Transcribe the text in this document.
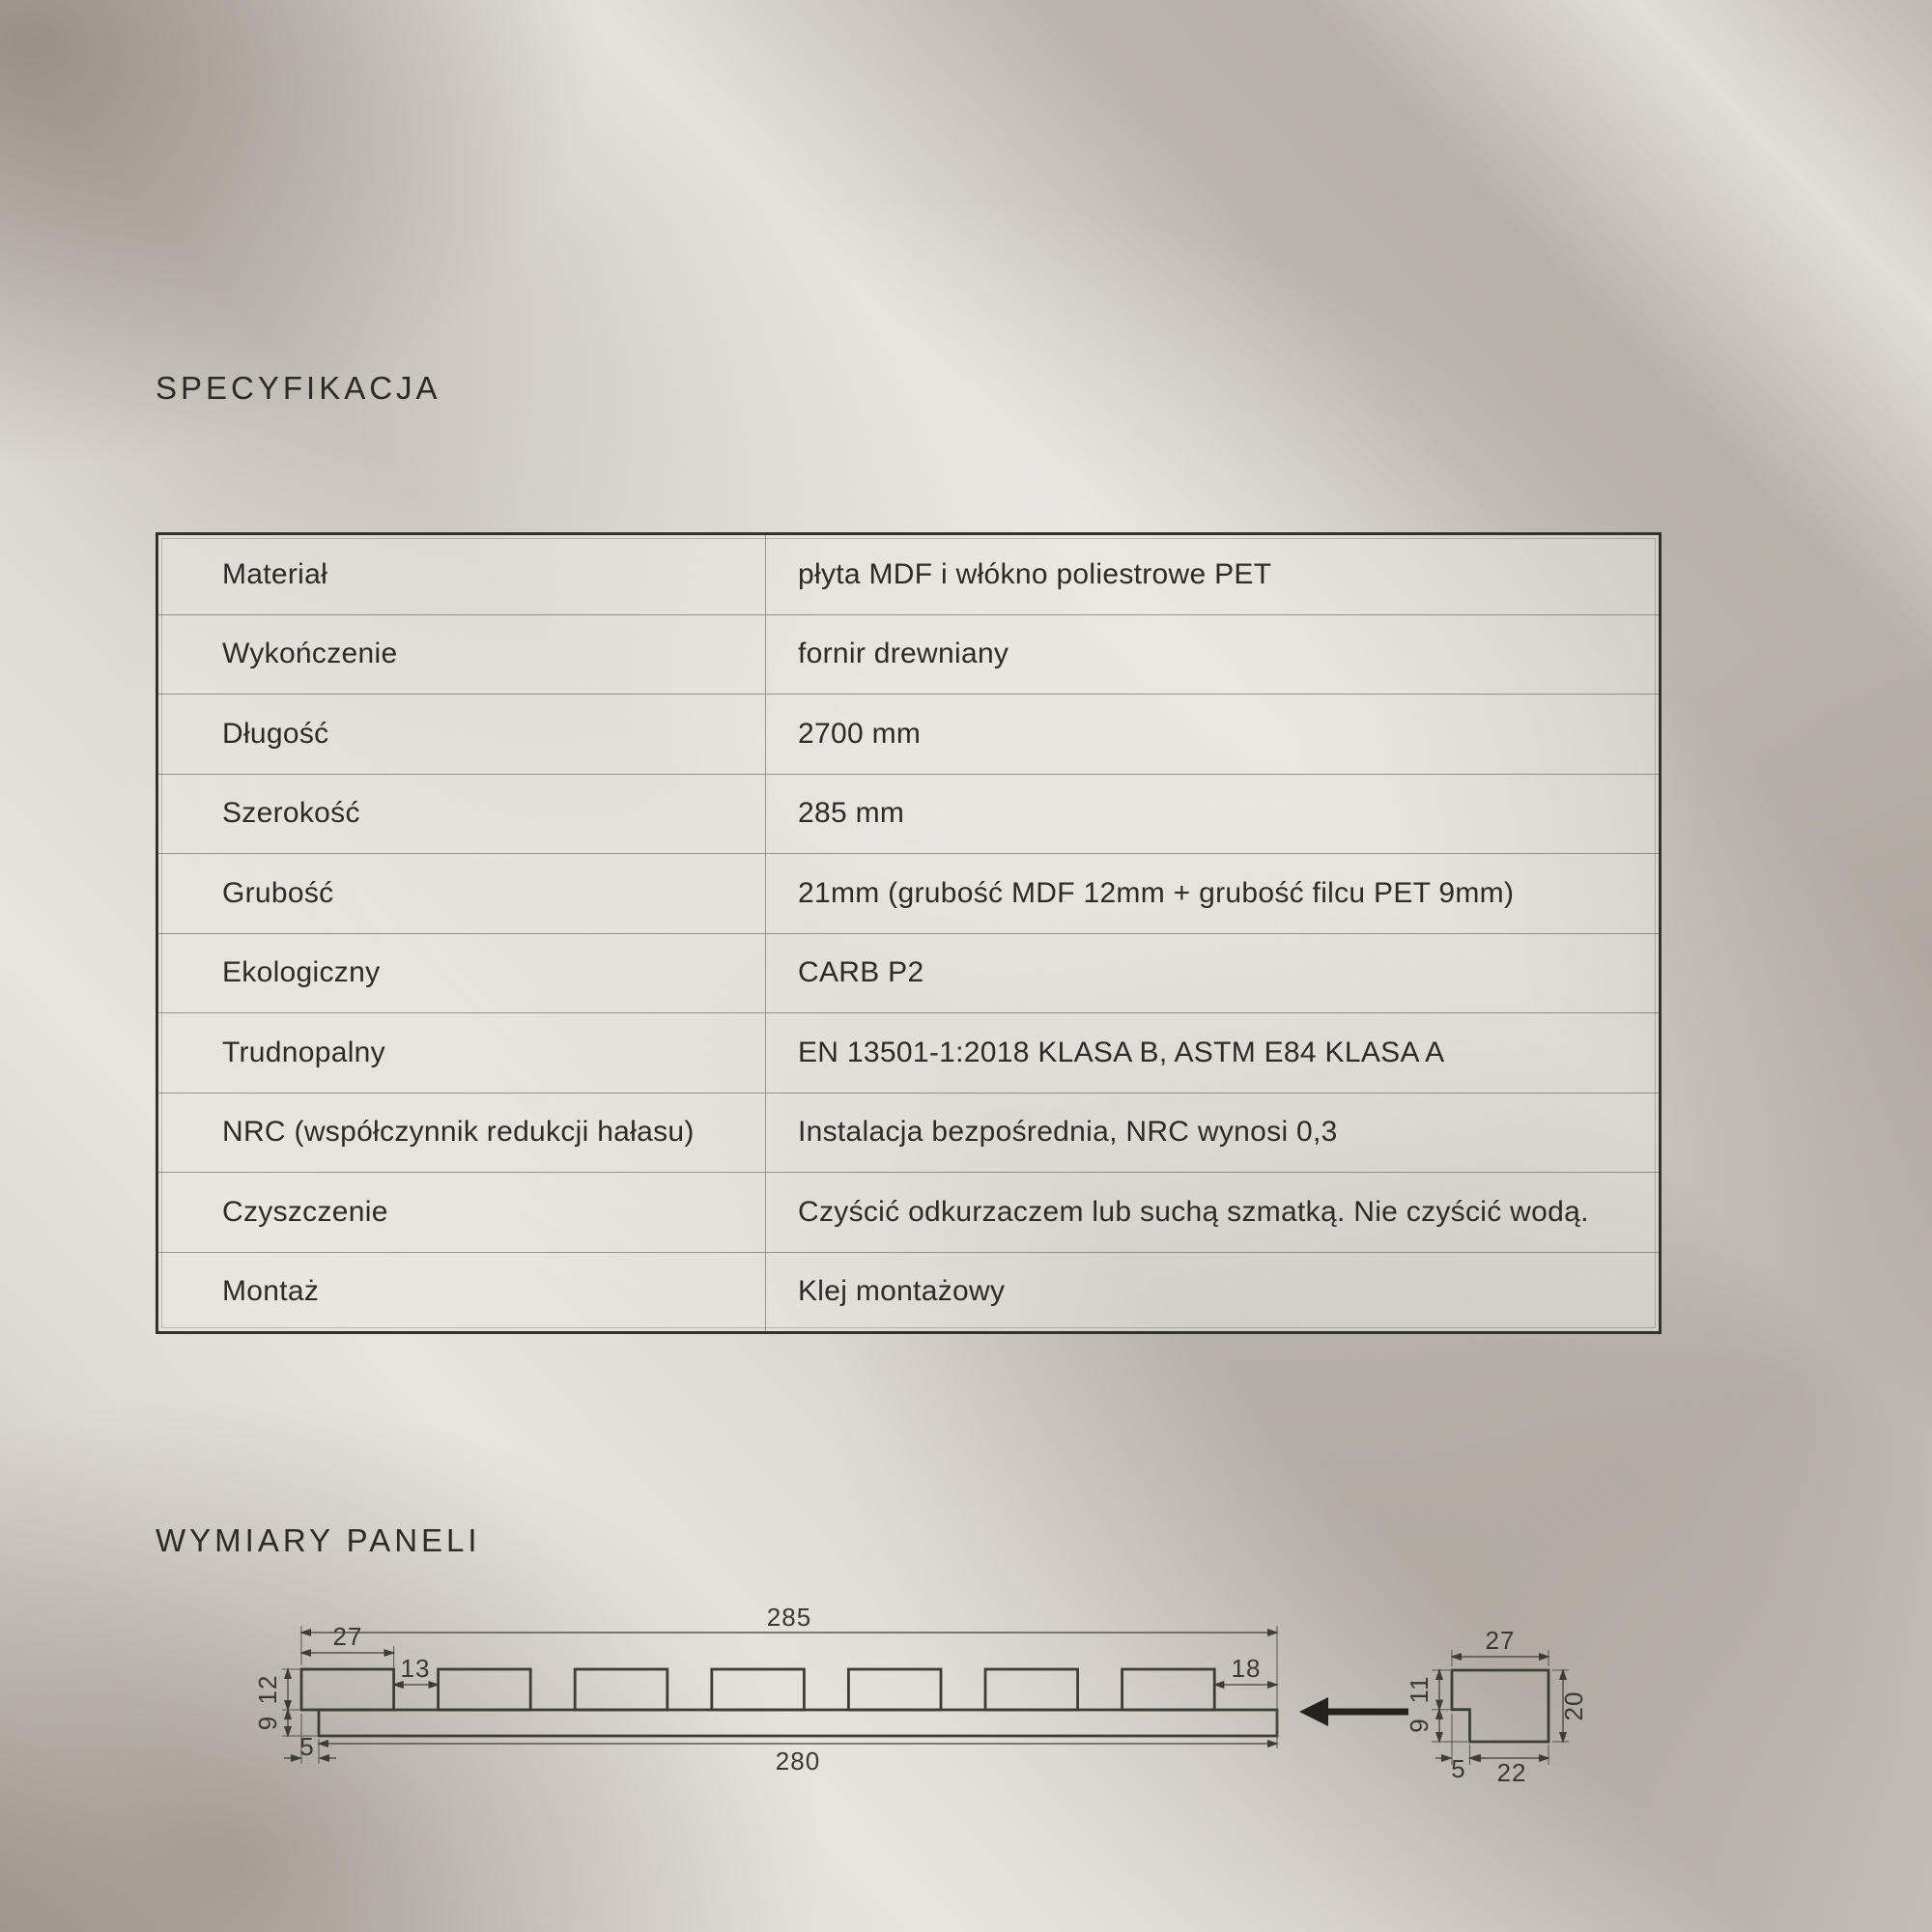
SPECYFIKACJA
Materiał	płyta MDF i włókno poliestrowe PET
Wykończenie	fornir drewniany
Długość	2700 mm
Szerokość	285 mm
Grubość	21mm (grubość MDF 12mm + grubość filcu PET 9mm)
Ekologiczny	CARB P2
Trudnopalny	EN 13501-1:2018 KLASA B, ASTM E84 KLASA A
NRC (współczynnik redukcji hałasu)	Instalacja bezpośrednia, NRC wynosi 0,3
Czyszczenie	Czyścić odkurzaczem lub suchą szmatką. Nie czyścić wodą.
Montaż	Klej montażowy
WYMIARY PANELI
285
27
13	18
12
9
5	280
27
11
9
20
5 22
